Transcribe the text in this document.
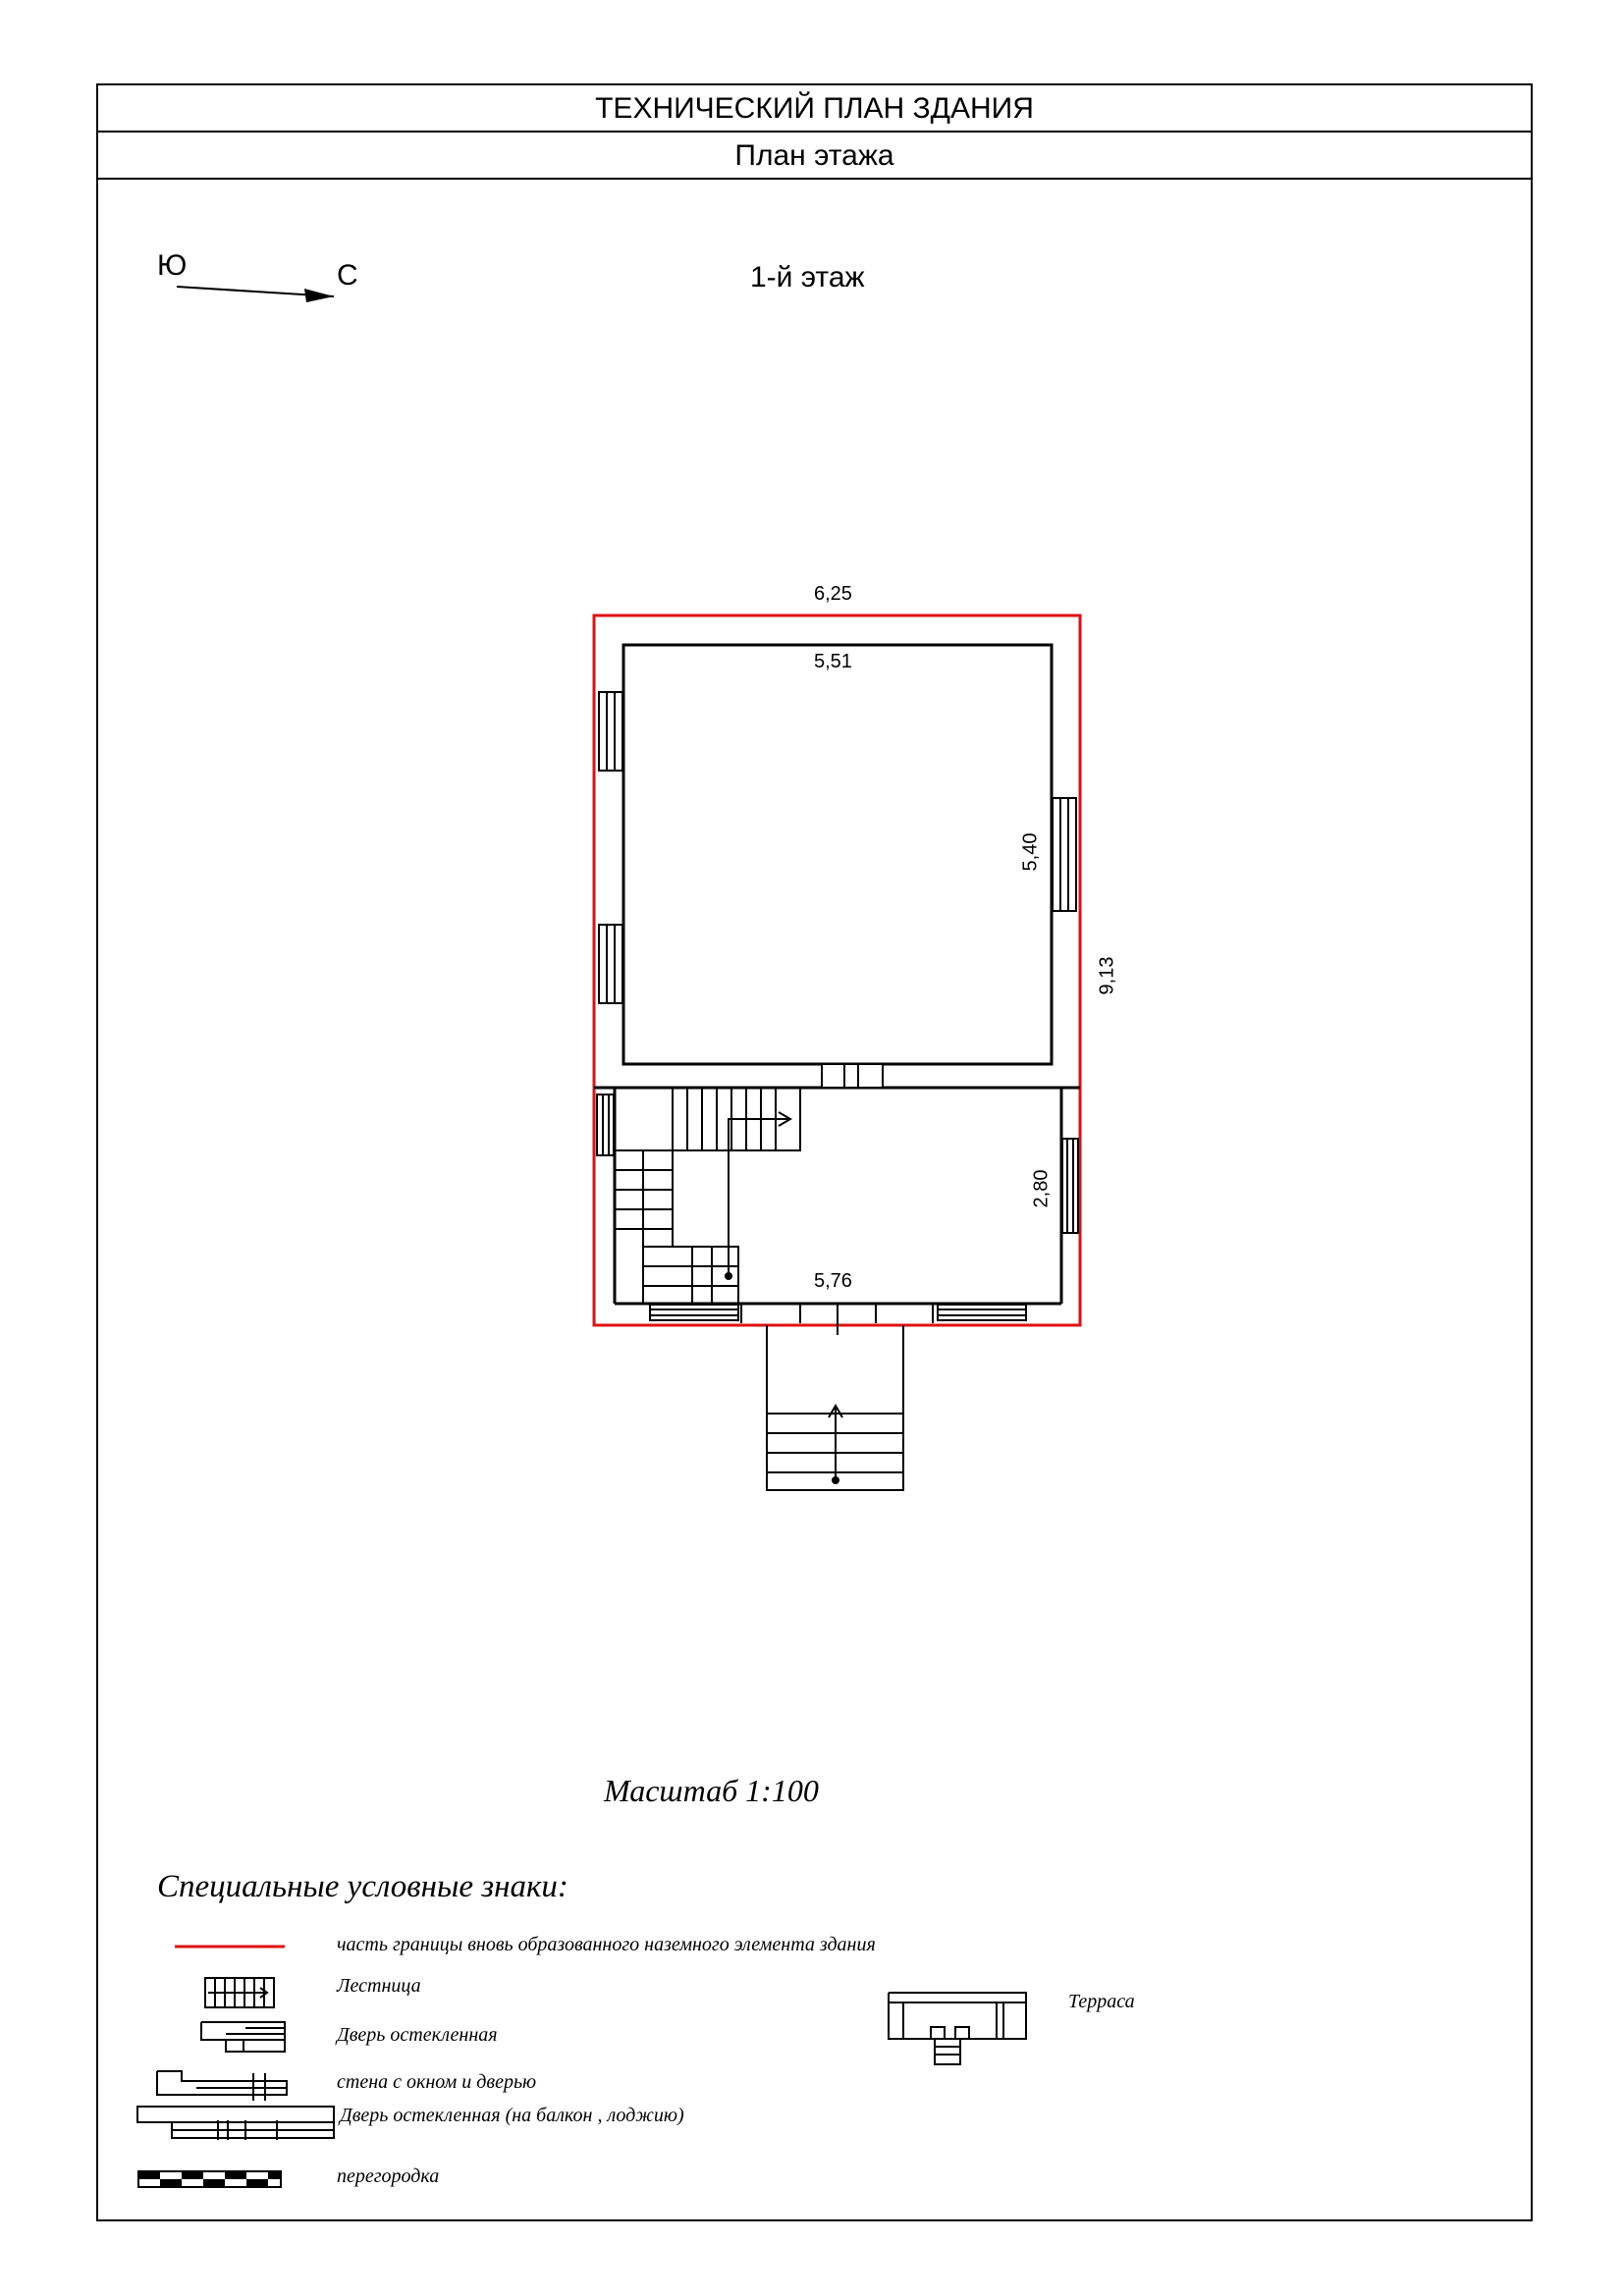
ТЕХНИЧЕСКИЙ ПЛАН ЗДАНИЯ
План этажа
Ю	С	1-й этаж
6,25
5,51
5,40
9,13
2,80
5,76
Масштаб 1:100
Специальные условные знаки:
часть границы вновь образованного наземного элемента здания
Лестница
Дверь остекленная
стена с окном и дверью
Дверь остекленная (на балкон , лоджию)
перегородка
Терраса
